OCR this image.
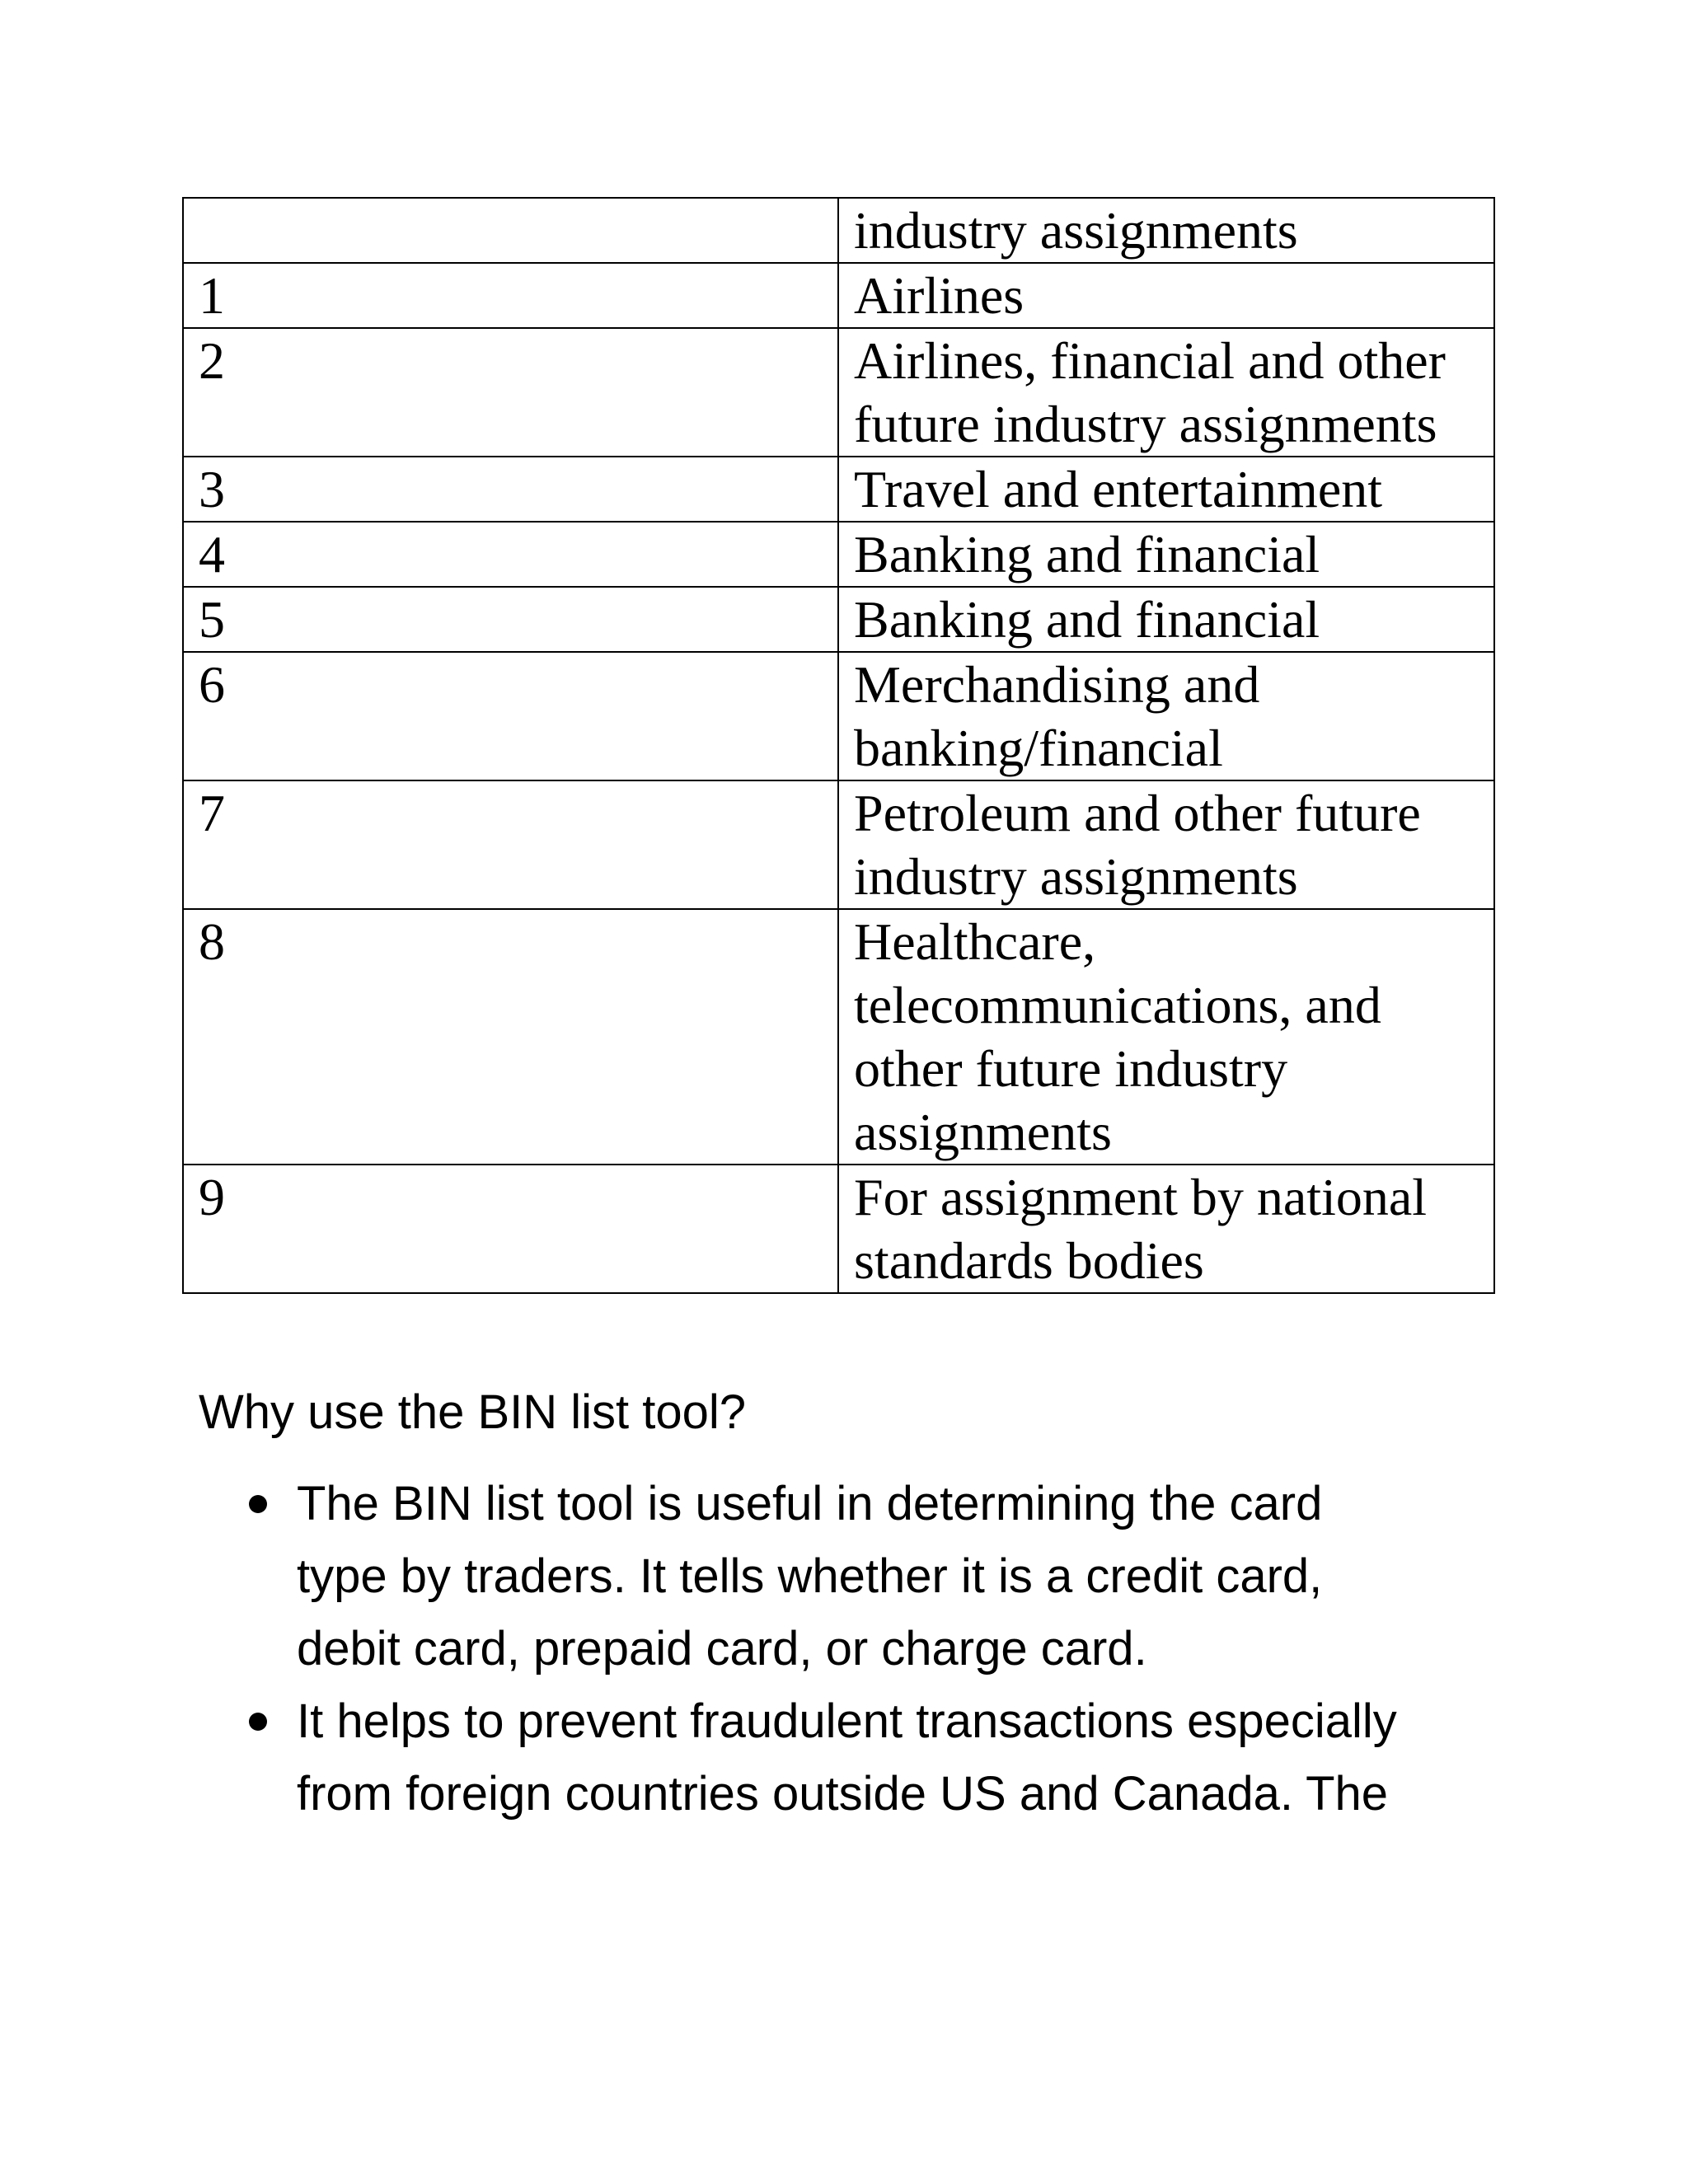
	industry assignments

1	Airlines

2	Airlines, financial and other
future industry assignments

3	Travel and entertainment

4	Banking and financial

5	Banking and financial

6	Merchandising and
banking/financial

7	Petroleum and other future
industry assignments

8	Healthcare,
telecommunications, and
other future industry
assignments

9	For assignment by national
standards bodies
Why use the BIN list tool?
The BIN list tool is useful in determining the card
type by traders. It tells whether it is a credit card,
debit card, prepaid card, or charge card.
It helps to prevent fraudulent transactions especially
from foreign countries outside US and Canada. The
